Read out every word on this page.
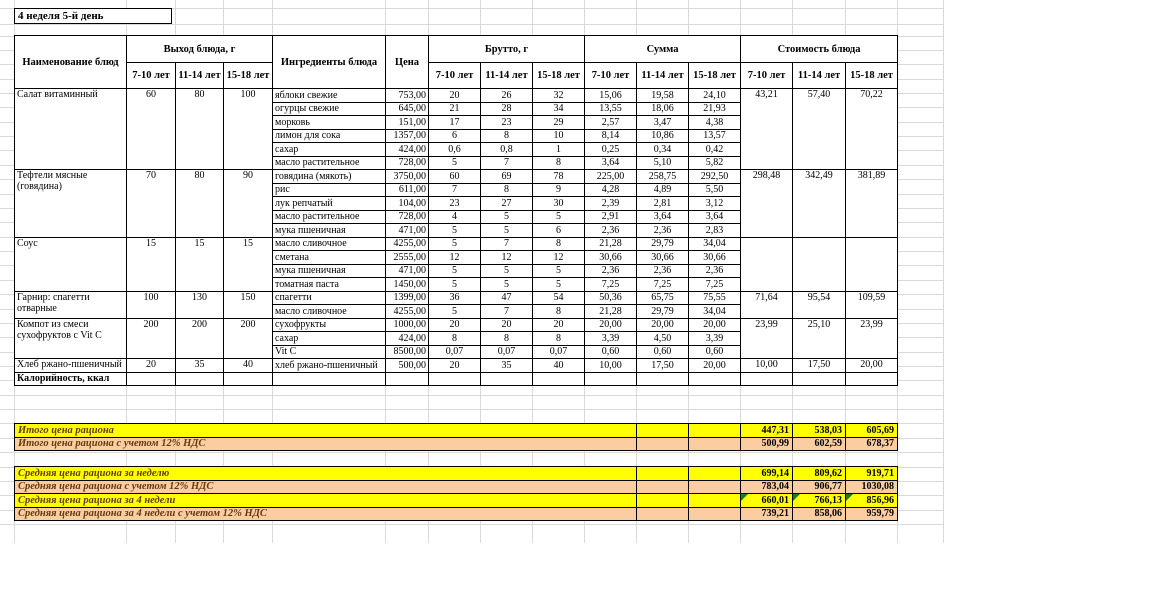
4 неделя 5-й день
Наименование блюд	Выход блюда, г			Ингредиенты блюда	Цена	Брутто, г			Сумма			Стоимость блюда		
	7-10 лет	11-14 лет	15-18 лет			7-10 лет	11-14 лет	15-18 лет	7-10 лет	11-14 лет	15-18 лет	7-10 лет	11-14 лет	15-18 лет
Салат витаминный	60	80	100	яблоки свежие	753,00	20	26	32	15,06	19,58	24,10	43,21	57,40	70,22
				огурцы свежие	645,00	21	28	34	13,55	18,06	21,93			
				морковь	151,00	17	23	29	2,57	3,47	4,38			
				лимон для сока	1357,00	6	8	10	8,14	10,86	13,57			
				сахар	424,00	0,6	0,8	1	0,25	0,34	0,42			
				масло растительное	728,00	5	7	8	3,64	5,10	5,82			
Тефтели мясные (говядина)	70	80	90	говядина (мякоть)	3750,00	60	69	78	225,00	258,75	292,50	298,48	342,49	381,89
				рис	611,00	7	8	9	4,28	4,89	5,50			
				лук репчатый	104,00	23	27	30	2,39	2,81	3,12			
				масло растительное	728,00	4	5	5	2,91	3,64	3,64			
				мука пшеничная	471,00	5	5	6	2,36	2,36	2,83			
Соус	15	15	15	масло сливочное	4255,00	5	7	8	21,28	29,79	34,04			
				сметана	2555,00	12	12	12	30,66	30,66	30,66			
				мука пшеничная	471,00	5	5	5	2,36	2,36	2,36			
				томатная паста	1450,00	5	5	5	7,25	7,25	7,25			
Гарнир: спагетти отварные	100	130	150	спагетти	1399,00	36	47	54	50,36	65,75	75,55	71,64	95,54	109,59
				масло сливочное	4255,00	5	7	8	21,28	29,79	34,04			
Компот из смеси сухофруктов с Vit C	200	200	200	сухофрукты	1000,00	20	20	20	20,00	20,00	20,00	23,99	25,10	23,99
				сахар	424,00	8	8	8	3,39	4,50	3,39			
				Vit C	8500,00	0,07	0,07	0,07	0,60	0,60	0,60			
Хлеб ржано-пшеничный	20	35	40	хлеб ржано-пшеничный	500,00	20	35	40	10,00	17,50	20,00	10,00	17,50	20,00
Калорийность, ккал														
Итого цена рациона			447,31	538,03	605,69
Итого цена рациона с учетом 12% НДС			500,99	602,59	678,37
Средняя цена рациона за неделю			699,14	809,62	919,71
Средняя цена рациона с учетом 12% НДС			783,04	906,77	1030,08
Средняя цена рациона за 4 недели			660,01	766,13	856,96

Средняя цена рациона за 4 недели с учетом 12% НДС			739,21	858,06	959,79
